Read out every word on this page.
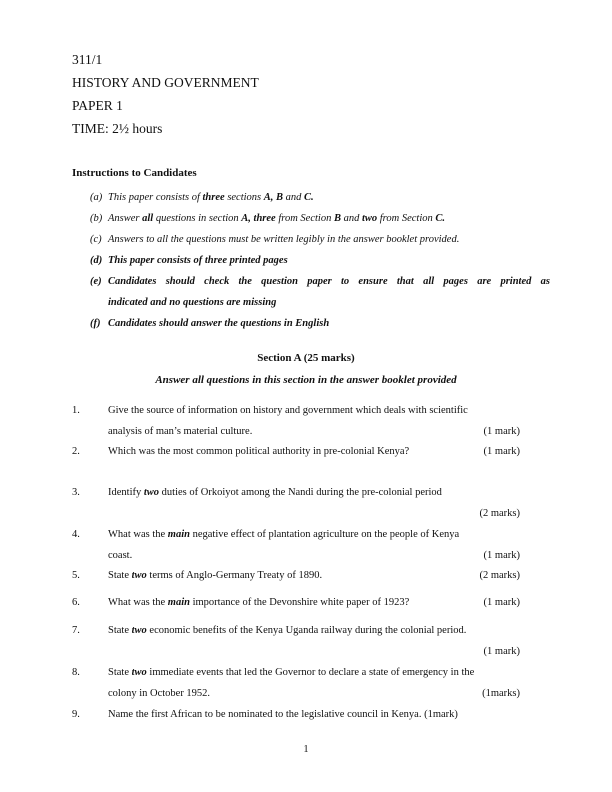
311/1
HISTORY AND GOVERNMENT
PAPER 1
TIME: 2½ hours
Instructions to Candidates
(a) This paper consists of three sections A, B and C.
(b) Answer all questions in section A, three from Section B and two from Section C.
(c) Answers to all the questions must be written legibly in the answer booklet provided.
(d) This paper consists of three printed pages
(e) Candidates should check the question paper to ensure that all pages are printed as
indicated and no questions are missing
(f) Candidates should answer the questions in English
Section A (25 marks)
Answer all questions in this section in the answer booklet provided
1.	Give the source of information on history and government which deals with scientific
analysis of man’s material culture.	(1 mark)
2.	Which was the most common political authority in pre-colonial Kenya?	(1 mark)
3.	Identify two duties of Orkoiyot among the Nandi during the pre-colonial period
(2 marks)
4.	What was the main negative effect of plantation agriculture on the people of Kenya
coast.	(1 mark)
5.	State two terms of Anglo-Germany Treaty of 1890.	(2 marks)
6.	What was the main importance of the Devonshire white paper of 1923?	(1 mark)
7.	State two economic benefits of the Kenya Uganda railway during the colonial period.
(1 mark)
8.	State two immediate events that led the Governor to declare a state of emergency in the
colony in October 1952.	(1marks)
9.	Name the first African to be nominated to the legislative council in Kenya. (1mark)
1
